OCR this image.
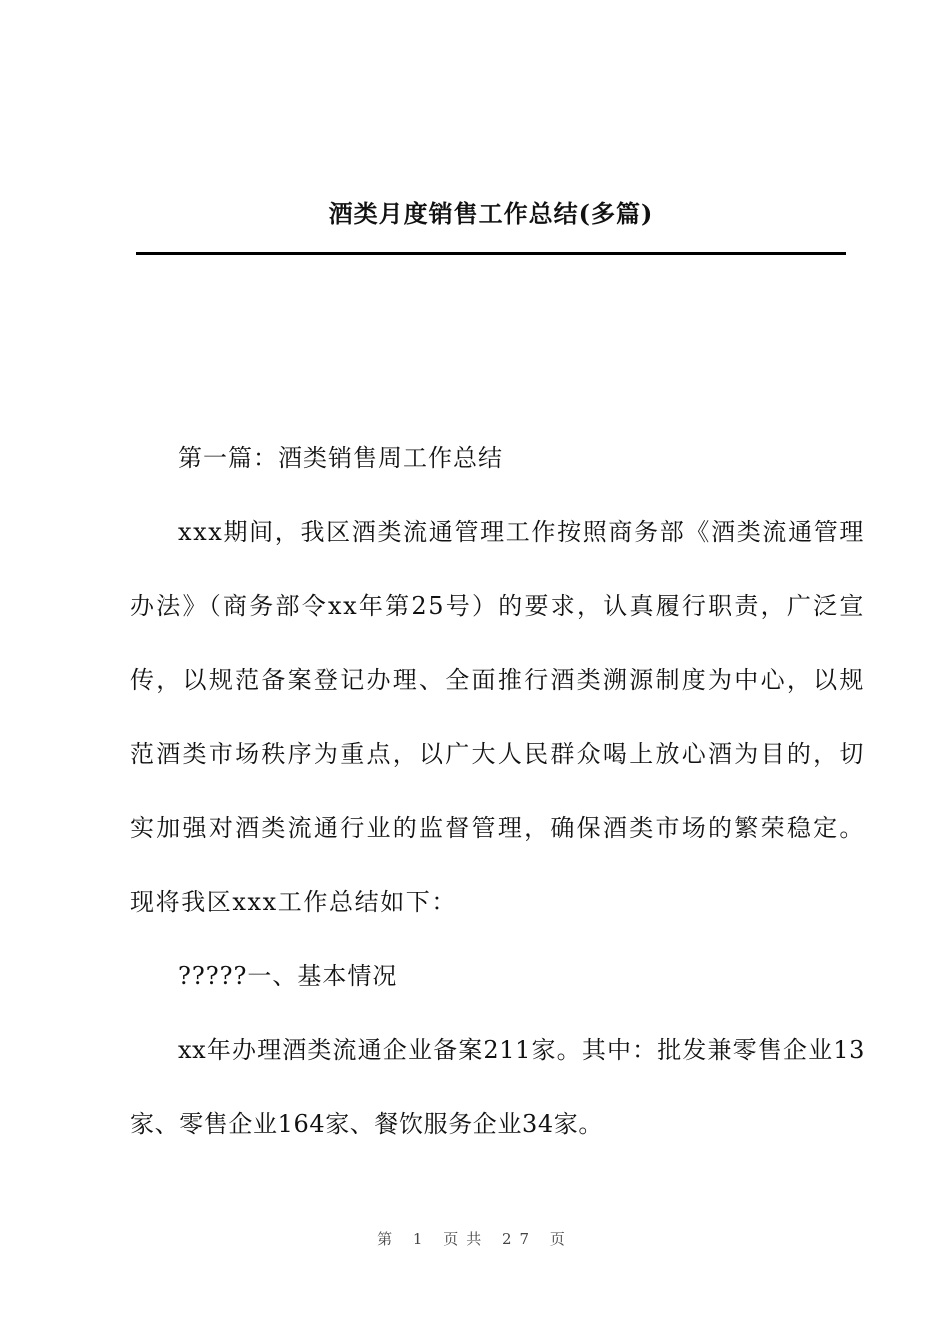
酒类月度销售工作总结(多篇)

第一篇：酒类销售周工作总结

xxx期间，我区酒类流通管理工作按照商务部《酒类流通管理办法》（商务部令xx年第25号）的要求，认真履行职责，广泛宣传，以规范备案登记办理、全面推行酒类溯源制度为中心，以规范酒类市场秩序为重点，以广大人民群众喝上放心酒为目的，切实加强对酒类流通行业的监督管理，确保酒类市场的繁荣稳定。现将我区xxx工作总结如下：

?????一、基本情况

xx年办理酒类流通企业备案211家。其中：批发兼零售企业13家、零售企业164家、餐饮服务企业34家。

第 1 页共 27 页
